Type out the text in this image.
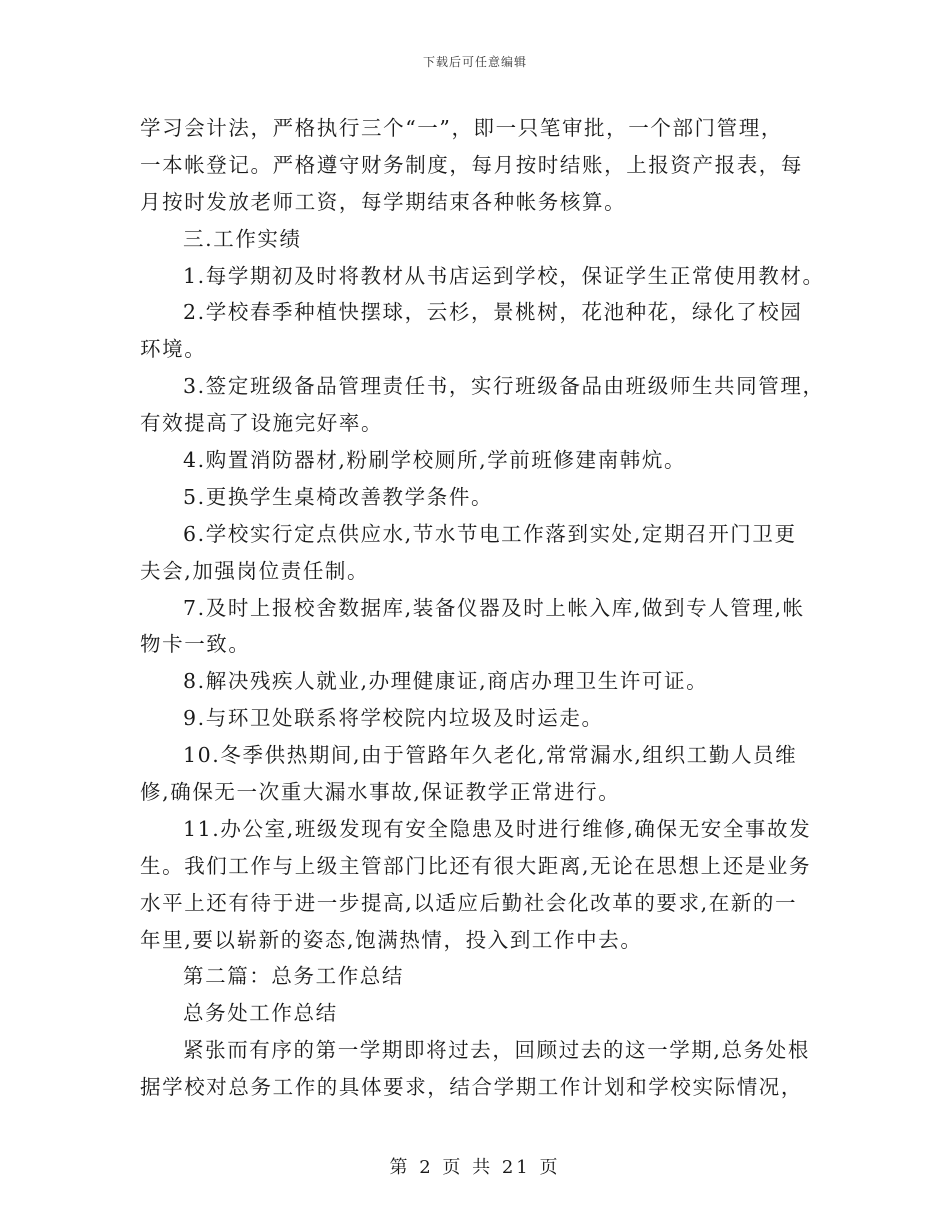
下载后可任意编辑
学习会计法，严格执行三个“一”，即一只笔审批，一个部门管理，
一本帐登记。严格遵守财务制度，每月按时结账，上报资产报表，每
月按时发放老师工资，每学期结束各种帐务核算。
三.工作实绩
1.每学期初及时将教材从书店运到学校，保证学生正常使用教材。
2.学校春季种植快摆球，云杉，景桃树，花池种花，绿化了校园
环境。
3.签定班级备品管理责任书，实行班级备品由班级师生共同管理，
有效提高了设施完好率。
4.购置消防器材,粉刷学校厕所,学前班修建南韩炕。
5.更换学生桌椅改善教学条件。
6.学校实行定点供应水,节水节电工作落到实处,定期召开门卫更
夫会,加强岗位责任制。
7.及时上报校舍数据库,装备仪器及时上帐入库,做到专人管理,帐
物卡一致。
8.解决残疾人就业,办理健康证,商店办理卫生许可证。
9.与环卫处联系将学校院内垃圾及时运走。
10.冬季供热期间,由于管路年久老化,常常漏水,组织工勤人员维
修,确保无一次重大漏水事故,保证教学正常进行。
11.办公室,班级发现有安全隐患及时进行维修,确保无安全事故发
生。我们工作与上级主管部门比还有很大距离,无论在思想上还是业务
水平上还有待于进一步提高,以适应后勤社会化改革的要求,在新的一
年里,要以崭新的姿态,饱满热情，投入到工作中去。
第二篇：总务工作总结
总务处工作总结
紧张而有序的第一学期即将过去，回顾过去的这一学期,总务处根
据学校对总务工作的具体要求，结合学期工作计划和学校实际情况，
第 2 页 共 21 页
